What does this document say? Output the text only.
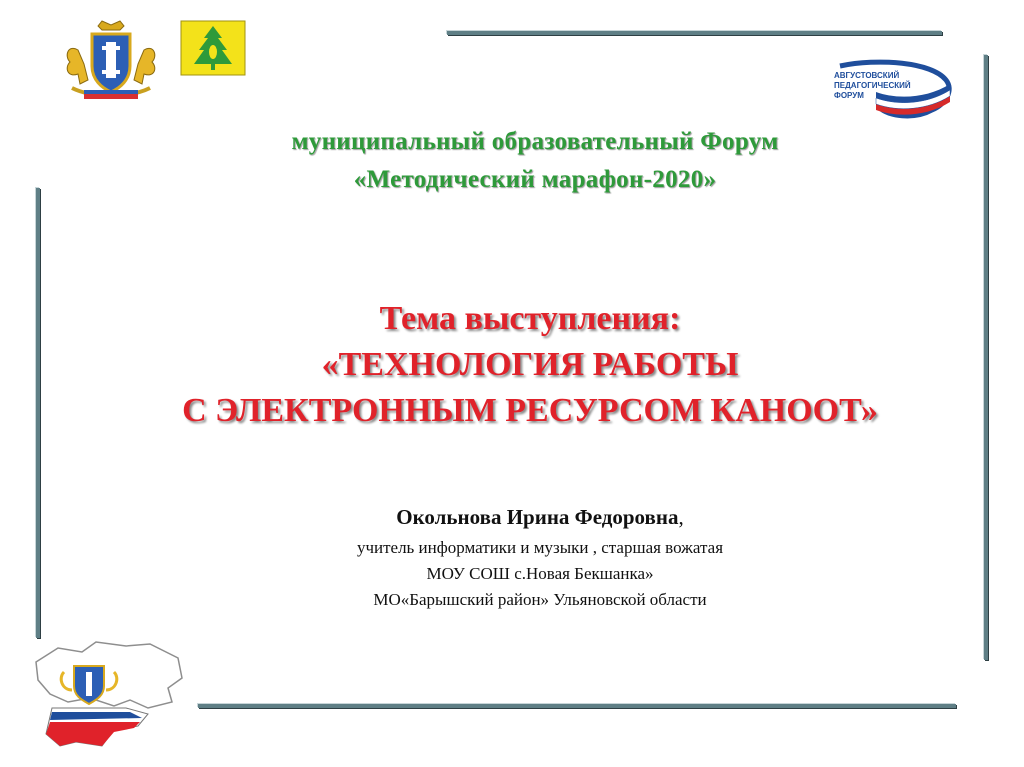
АВГУСТОВСКИЙ
ПЕДАГОГИЧЕСКИЙ
ФОРУМ
муниципальный образовательный Форум
«Методический марафон-2020»
Тема выступления:
«ТЕХНОЛОГИЯ РАБОТЫ
С ЭЛЕКТРОННЫМ РЕСУРСОМ КАНООТ»
Окольнова Ирина Федоровна,
учитель информатики и музыки , старшая вожатая
МОУ СОШ с.Новая Бекшанка»
МО«Барышский район» Ульяновской области
